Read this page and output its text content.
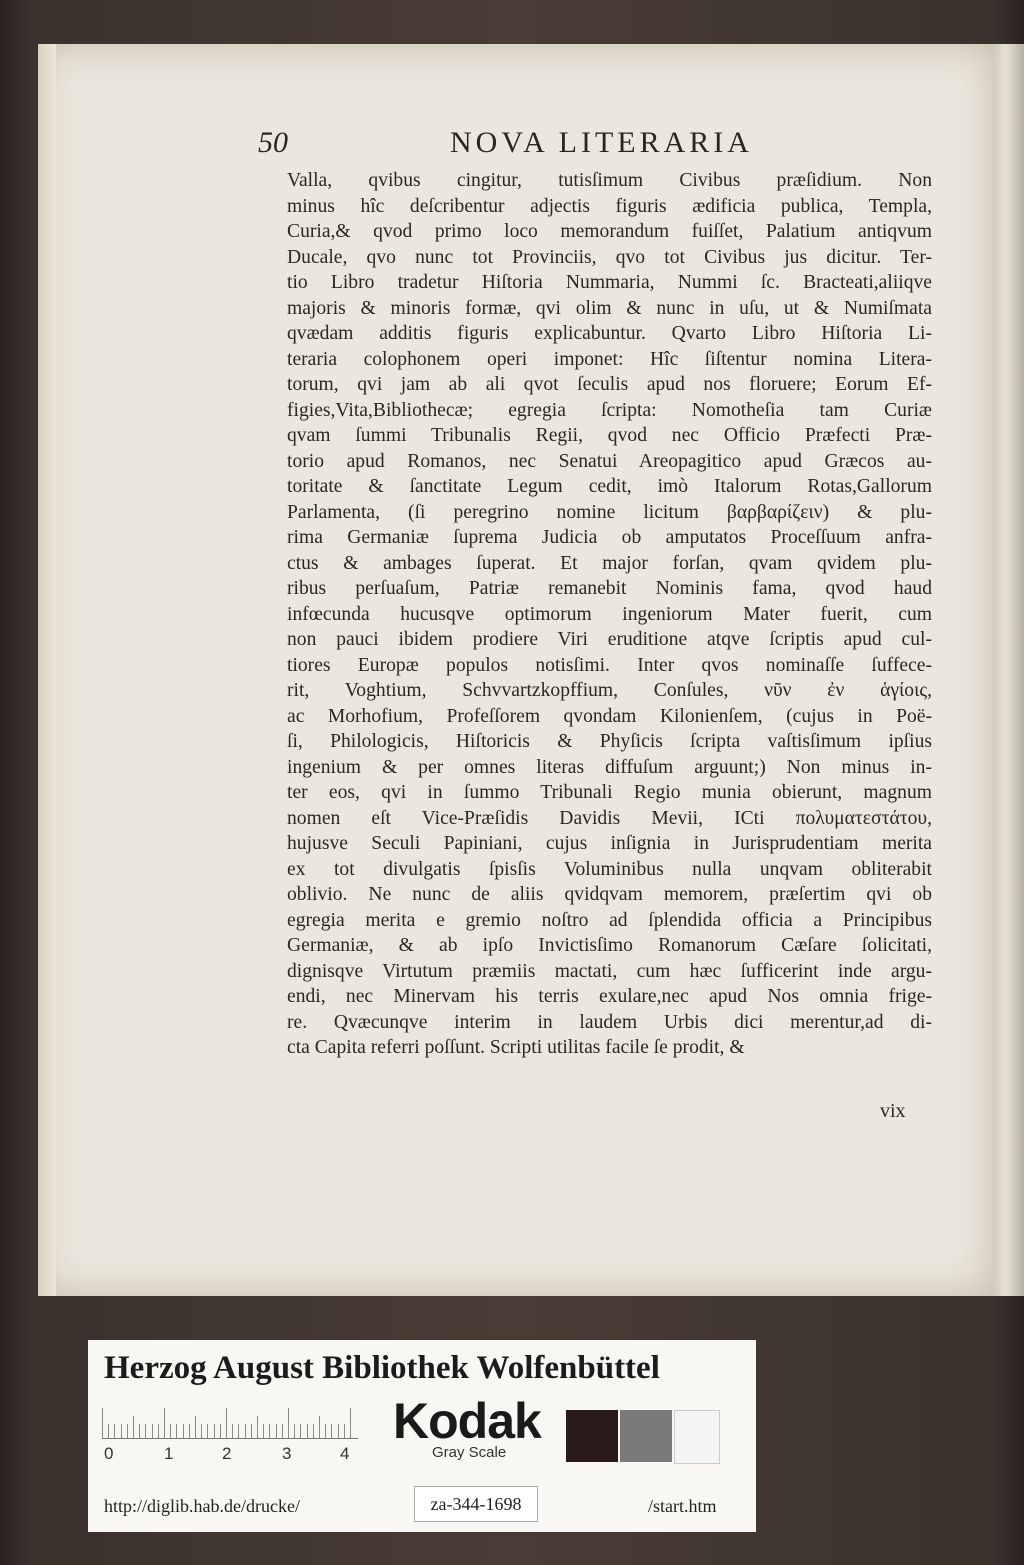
50	NOVA LITERARIA
Valla, qvibus cingitur, tutisſimum Civibus præſidium. Non
minus hîc deſcribentur adjectis figuris ædificia publica, Templa,
Curia,& qvod primo loco memorandum fuiſſet, Palatium antiqvum
Ducale, qvo nunc tot Provinciis, qvo tot Civibus jus dicitur. Ter-
tio Libro tradetur Hiſtoria Nummaria, Nummi ſc. Bracteati,aliiqve
majoris & minoris formæ, qvi olim & nunc in uſu, ut & Numiſmata
qvædam additis figuris explicabuntur. Qvarto Libro Hiſtoria Li-
teraria colophonem operi imponet: Hîc ſiſtentur nomina Litera-
torum, qvi jam ab ali qvot ſeculis apud nos floruere; Eorum Ef-
figies,Vita,Bibliothecæ; egregia ſcripta: Nomotheſia tam Curiæ
qvam ſummi Tribunalis Regii, qvod nec Officio Præfecti Præ-
torio apud Romanos, nec Senatui Areopagitico apud Græcos au-
toritate & ſanctitate Legum cedit, imò Italorum Rotas,Gallorum
Parlamenta, (ſi peregrino nomine licitum βαρβαρίζειν) & plu-
rima Germaniæ ſuprema Judicia ob amputatos Proceſſuum anfra-
ctus & ambages ſuperat. Et major forſan, qvam qvidem plu-
ribus perſuaſum, Patriæ remanebit Nominis fama, qvod haud
infœcunda hucusqve optimorum ingeniorum Mater fuerit, cum
non pauci ibidem prodiere Viri eruditione atqve ſcriptis apud cul-
tiores Europæ populos notisſimi. Inter qvos nominaſſe ſuffece-
rit, Voghtium, Schvvartzkopffium, Conſules, νῦν ἐν ἁγίοις,
ac Morhofium, Profeſſorem qvondam Kilonienſem, (cujus in Poë-
ſi, Philologicis, Hiſtoricis & Phyſicis ſcripta vaſtisſimum ipſius
ingenium & per omnes literas diffuſum arguunt;) Non minus in-
ter eos, qvi in ſummo Tribunali Regio munia obierunt, magnum
nomen eſt Vice-Præſidis Davidis Mevii, ICti πολυματεστάτου,
hujusve Seculi Papiniani, cujus inſignia in Jurisprudentiam merita
ex tot divulgatis ſpisſis Voluminibus nulla unqvam obliterabit
oblivio. Ne nunc de aliis qvidqvam memorem, præſertim qvi ob
egregia merita e gremio noſtro ad ſplendida officia a Principibus
Germaniæ, & ab ipſo Invictisſimo Romanorum Cæſare ſolicitati,
dignisqve Virtutum præmiis mactati, cum hæc ſufficerint inde argu-
endi, nec Minervam his terris exulare,nec apud Nos omnia frige-
re. Qvæcunqve interim in laudem Urbis dici merentur,ad di-
cta Capita referri poſſunt. Scripti utilitas facile ſe prodit, &
vix
Herzog August Bibliothek Wolfenbüttel
0	1	2	3	4
Kodak
Gray Scale
http://diglib.hab.de/drucke/	za-344-1698	/start.htm
